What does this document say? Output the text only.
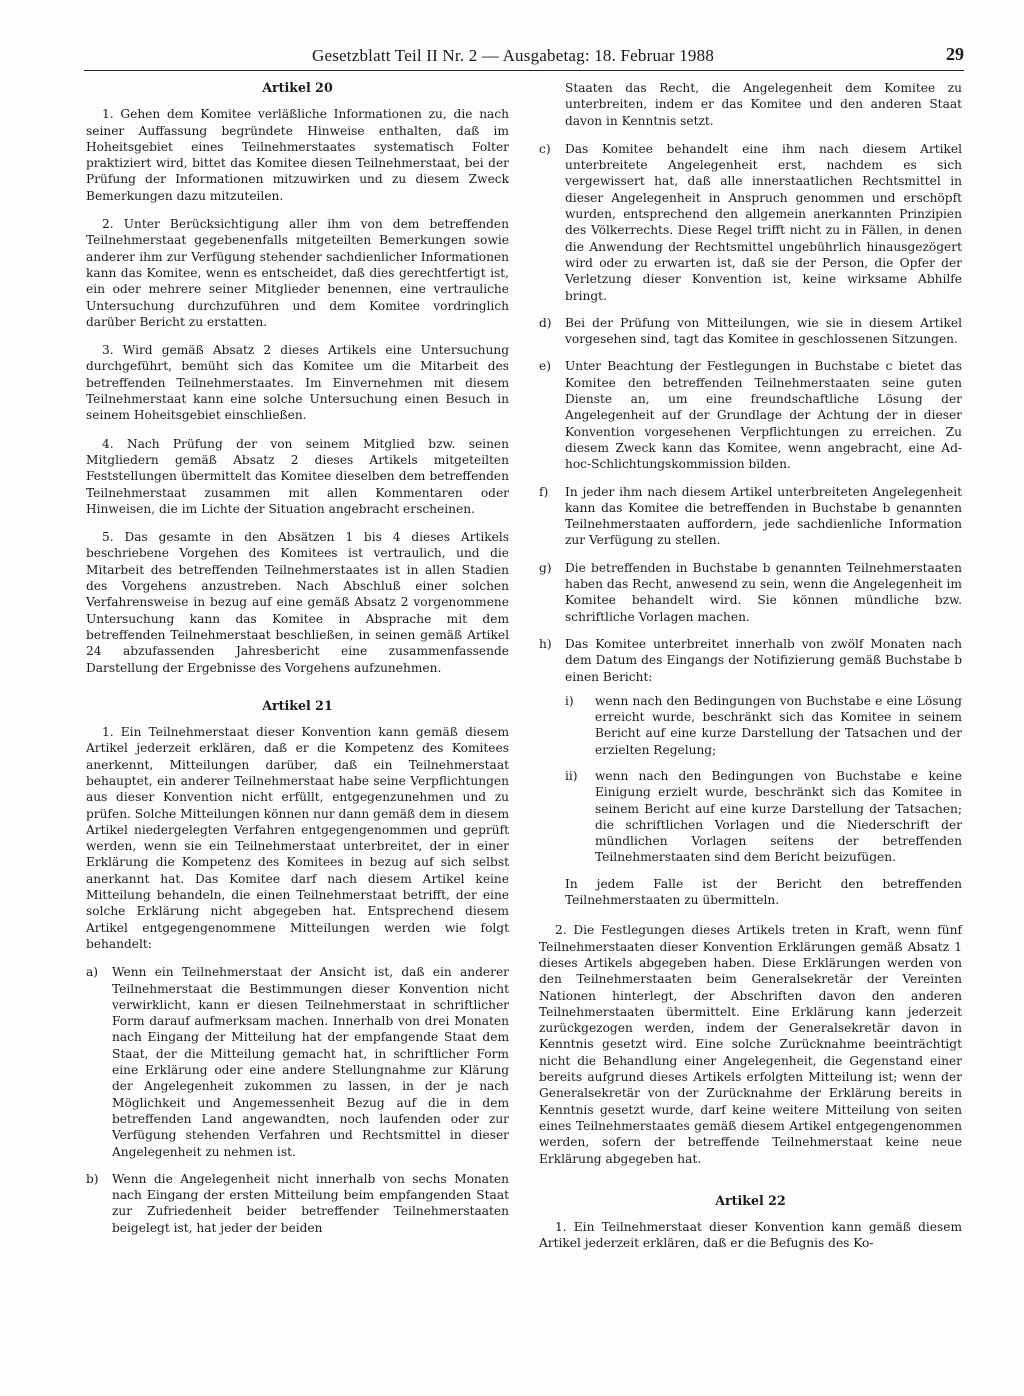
Gesetzblatt Teil II Nr. 2 — Ausgabetag: 18. Februar 1988	29
Artikel 20

1. Gehen dem Komitee verläßliche Informationen zu, die nach seiner Auffassung begründete Hinweise enthalten, daß im Hoheitsgebiet eines Teilnehmerstaates systematisch Folter praktiziert wird, bittet das Komitee diesen Teilnehmerstaat, bei der Prüfung der Informationen mitzuwirken und zu diesem Zweck Bemerkungen dazu mitzuteilen.

2. Unter Berücksichtigung aller ihm von dem betreffenden Teilnehmerstaat gegebenenfalls mitgeteilten Bemerkungen sowie anderer ihm zur Verfügung stehender sachdienlicher Informationen kann das Komitee, wenn es entscheidet, daß dies gerechtfertigt ist, ein oder mehrere seiner Mitglieder benennen, eine vertrauliche Untersuchung durchzuführen und dem Komitee vordringlich darüber Bericht zu erstatten.

3. Wird gemäß Absatz 2 dieses Artikels eine Untersuchung durchgeführt, bemüht sich das Komitee um die Mitarbeit des betreffenden Teilnehmerstaates. Im Einvernehmen mit diesem Teilnehmerstaat kann eine solche Untersuchung einen Besuch in seinem Hoheitsgebiet einschließen.

4. Nach Prüfung der von seinem Mitglied bzw. seinen Mitgliedern gemäß Absatz 2 dieses Artikels mitgeteilten Feststellungen übermittelt das Komitee dieselben dem betreffenden Teilnehmerstaat zusammen mit allen Kommentaren oder Hinweisen, die im Lichte der Situation angebracht erscheinen.

5. Das gesamte in den Absätzen 1 bis 4 dieses Artikels beschriebene Vorgehen des Komitees ist vertraulich, und die Mitarbeit des betreffenden Teilnehmerstaates ist in allen Stadien des Vorgehens anzustreben. Nach Abschluß einer solchen Verfahrensweise in bezug auf eine gemäß Absatz 2 vorgenommene Untersuchung kann das Komitee in Absprache mit dem betreffenden Teilnehmerstaat beschließen, in seinen gemäß Artikel 24 abzufassenden Jahresbericht eine zusammenfassende Darstellung der Ergebnisse des Vorgehens aufzunehmen.

Artikel 21

1. Ein Teilnehmerstaat dieser Konvention kann gemäß diesem Artikel jederzeit erklären, daß er die Kompetenz des Komitees anerkennt, Mitteilungen darüber, daß ein Teilnehmerstaat behauptet, ein anderer Teilnehmerstaat habe seine Verpflichtungen aus dieser Konvention nicht erfüllt, entgegenzunehmen und zu prüfen. Solche Mitteilungen können nur dann gemäß dem in diesem Artikel niedergelegten Verfahren entgegengenommen und geprüft werden, wenn sie ein Teilnehmerstaat unterbreitet, der in einer Erklärung die Kompetenz des Komitees in bezug auf sich selbst anerkannt hat. Das Komitee darf nach diesem Artikel keine Mitteilung behandeln, die einen Teilnehmerstaat betrifft, der eine solche Erklärung nicht abgegeben hat. Entsprechend diesem Artikel entgegengenommene Mitteilungen werden wie folgt behandelt:

a) Wenn ein Teilnehmerstaat der Ansicht ist, daß ein anderer Teilnehmerstaat die Bestimmungen dieser Konvention nicht verwirklicht, kann er diesen Teilnehmerstaat in schriftlicher Form darauf aufmerksam machen. Innerhalb von drei Monaten nach Eingang der Mitteilung hat der empfangende Staat dem Staat, der die Mitteilung gemacht hat, in schriftlicher Form eine Erklärung oder eine andere Stellungnahme zur Klärung der Angelegenheit zukommen zu lassen, in der je nach Möglichkeit und Angemessenheit Bezug auf die in dem betreffenden Land angewandten, noch laufenden oder zur Verfügung stehenden Verfahren und Rechtsmittel in dieser Angelegenheit zu nehmen ist.
b) Wenn die Angelegenheit nicht innerhalb von sechs Monaten nach Eingang der ersten Mitteilung beim empfangenden Staat zur Zufriedenheit beider betreffender Teilnehmerstaaten beigelegt ist, hat jeder der beiden
Staaten das Recht, die Angelegenheit dem Komitee zu unterbreiten, indem er das Komitee und den anderen Staat davon in Kenntnis setzt.
c) Das Komitee behandelt eine ihm nach diesem Artikel unterbreitete Angelegenheit erst, nachdem es sich vergewissert hat, daß alle innerstaatlichen Rechtsmittel in dieser Angelegenheit in Anspruch genommen und erschöpft wurden, entsprechend den allgemein anerkannten Prinzipien des Völkerrechts. Diese Regel trifft nicht zu in Fällen, in denen die Anwendung der Rechtsmittel ungebührlich hinausgezögert wird oder zu erwarten ist, daß sie der Person, die Opfer der Verletzung dieser Konvention ist, keine wirksame Abhilfe bringt.
d) Bei der Prüfung von Mitteilungen, wie sie in diesem Artikel vorgesehen sind, tagt das Komitee in geschlossenen Sitzungen.
e) Unter Beachtung der Festlegungen in Buchstabe c bietet das Komitee den betreffenden Teilnehmerstaaten seine guten Dienste an, um eine freundschaftliche Lösung der Angelegenheit auf der Grundlage der Achtung der in dieser Konvention vorgesehenen Verpflichtungen zu erreichen. Zu diesem Zweck kann das Komitee, wenn angebracht, eine Ad-hoc-Schlichtungskommission bilden.
f) In jeder ihm nach diesem Artikel unterbreiteten Angelegenheit kann das Komitee die betreffenden in Buchstabe b genannten Teilnehmerstaaten auffordern, jede sachdienliche Information zur Verfügung zu stellen.
g) Die betreffenden in Buchstabe b genannten Teilnehmerstaaten haben das Recht, anwesend zu sein, wenn die Angelegenheit im Komitee behandelt wird. Sie können mündliche bzw. schriftliche Vorlagen machen.
h) Das Komitee unterbreitet innerhalb von zwölf Monaten nach dem Datum des Eingangs der Notifizierung gemäß Buchstabe b einen Bericht:
i) wenn nach den Bedingungen von Buchstabe e eine Lösung erreicht wurde, beschränkt sich das Komitee in seinem Bericht auf eine kurze Darstellung der Tatsachen und der erzielten Regelung;
ii) wenn nach den Bedingungen von Buchstabe e keine Einigung erzielt wurde, beschränkt sich das Komitee in seinem Bericht auf eine kurze Darstellung der Tatsachen; die schriftlichen Vorlagen und die Niederschrift der mündlichen Vorlagen seitens der betreffenden Teilnehmerstaaten sind dem Bericht beizufügen.
In jedem Falle ist der Bericht den betreffenden Teilnehmerstaaten zu übermitteln.

2. Die Festlegungen dieses Artikels treten in Kraft, wenn fünf Teilnehmerstaaten dieser Konvention Erklärungen gemäß Absatz 1 dieses Artikels abgegeben haben. Diese Erklärungen werden von den Teilnehmerstaaten beim Generalsekretär der Vereinten Nationen hinterlegt, der Abschriften davon den anderen Teilnehmerstaaten übermittelt. Eine Erklärung kann jederzeit zurückgezogen werden, indem der Generalsekretär davon in Kenntnis gesetzt wird. Eine solche Zurücknahme beeinträchtigt nicht die Behandlung einer Angelegenheit, die Gegenstand einer bereits aufgrund dieses Artikels erfolgten Mitteilung ist; wenn der Generalsekretär von der Zurücknahme der Erklärung bereits in Kenntnis gesetzt wurde, darf keine weitere Mitteilung von seiten eines Teilnehmerstaates gemäß diesem Artikel entgegengenommen werden, sofern der betreffende Teilnehmerstaat keine neue Erklärung abgegeben hat.

Artikel 22

1. Ein Teilnehmerstaat dieser Konvention kann gemäß diesem Artikel jederzeit erklären, daß er die Befugnis des Ko-
